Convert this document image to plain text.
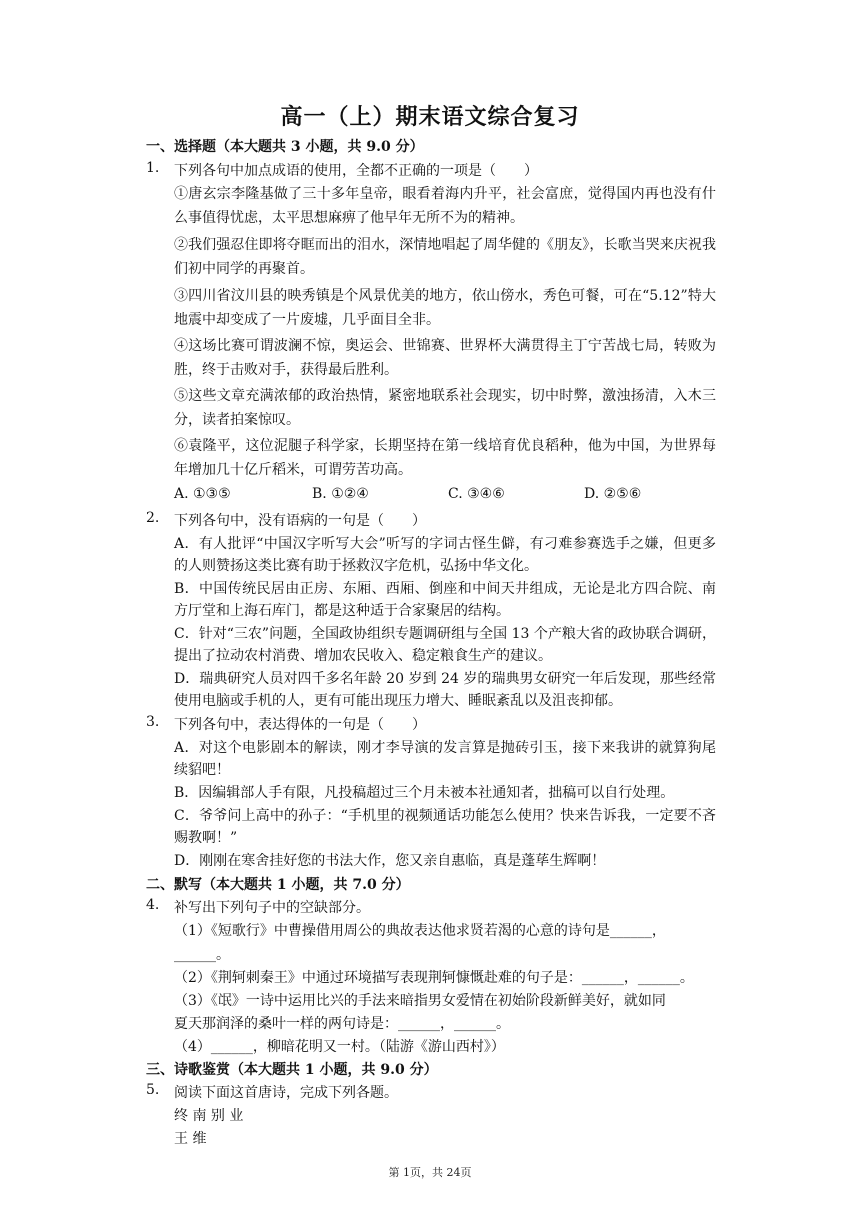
高一（上）期末语文综合复习
一、选择题（本大题共 3 小题，共 9.0 分）
1. 下列各句中加点成语的使用，全都不正确的一项是（　　）
①唐玄宗李隆基做了三十多年皇帝，眼看着海内升平，社会富庶，觉得国内再也没有什么事值得忧虑，太平思想麻痹了他早年无所不为的精神。
②我们强忍住即将夺眶而出的泪水，深情地唱起了周华健的《朋友》，长歌当哭来庆祝我们初中同学的再聚首。
③四川省汶川县的映秀镇是个风景优美的地方，依山傍水，秀色可餐，可在“5.12”特大地震中却变成了一片废墟，几乎面目全非。
④这场比赛可谓波澜不惊，奥运会、世锦赛、世界杯大满贯得主丁宁苦战七局，转败为胜，终于击败对手，获得最后胜利。
⑤这些文章充满浓郁的政治热情，紧密地联系社会现实，切中时弊，激浊扬清，入木三分，读者拍案惊叹。
⑥袁隆平，这位泥腿子科学家，长期坚持在第一线培育优良稻种，他为中国，为世界每年增加几十亿斤稻米，可谓劳苦功高。
A. ①③⑤	B. ①②④	C. ③④⑥	D. ②⑤⑥
2. 下列各句中，没有语病的一句是（　　）
A．有人批评“中国汉字听写大会”听写的字词古怪生僻，有刁难参赛选手之嫌，但更多的人则赞扬这类比赛有助于拯救汉字危机，弘扬中华文化。
B．中国传统民居由正房、东厢、西厢、倒座和中间天井组成，无论是北方四合院、南方厅堂和上海石库门，都是这种适于合家聚居的结构。
C．针对“三农”问题，全国政协组织专题调研组与全国 13 个产粮大省的政协联合调研，提出了拉动农村消费、增加农民收入、稳定粮食生产的建议。
D．瑞典研究人员对四千多名年龄 20 岁到 24 岁的瑞典男女研究一年后发现，那些经常使用电脑或手机的人，更有可能出现压力增大、睡眠紊乱以及沮丧抑郁。
3. 下列各句中，表达得体的一句是（　　）
A．对这个电影剧本的解读，刚才李导演的发言算是抛砖引玉，接下来我讲的就算狗尾续貂吧！
B．因编辑部人手有限，凡投稿超过三个月未被本社通知者，拙稿可以自行处理。
C．爷爷问上高中的孙子：“手机里的视频通话功能怎么使用？快来告诉我，一定要不吝赐教啊！”
D．刚刚在寒舍挂好您的书法大作，您又亲自惠临，真是蓬荜生辉啊！
二、默写（本大题共 1 小题，共 7.0 分）
4. 补写出下列句子中的空缺部分。
（1）《短歌行》中曹操借用周公的典故表达他求贤若渴的心意的诗句是______，
______。
（2）《荆轲刺秦王》中通过环境描写表现荆轲慷慨赴难的句子是：______，______。
（3）《氓》一诗中运用比兴的手法来暗指男女爱情在初始阶段新鲜美好，就如同
夏天那润泽的桑叶一样的两句诗是：______，______。
（4）______，柳暗花明又一村。（陆游《游山西村》）
三、诗歌鉴赏（本大题共 1 小题，共 9.0 分）
5. 阅读下面这首唐诗，完成下列各题。
终 南 别 业
王 维
第 1页，共 24页
